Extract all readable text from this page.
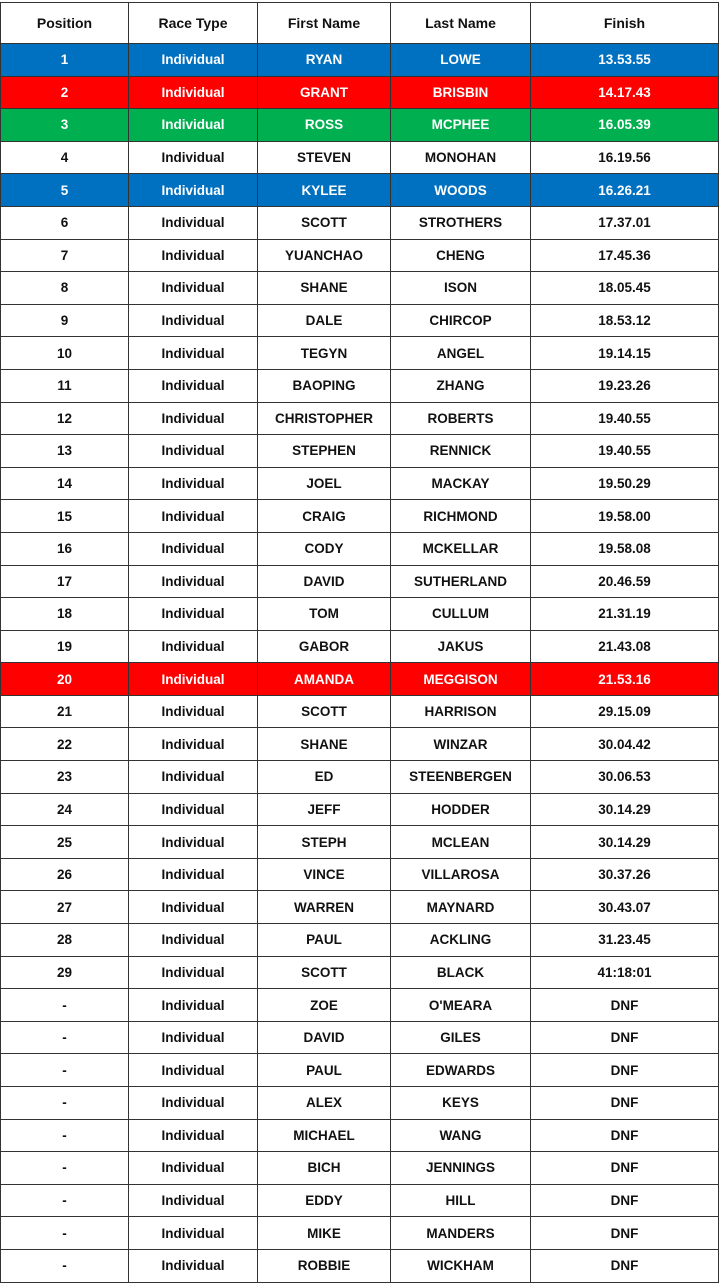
Position	Race Type	First Name	Last Name	Finish
1	Individual	RYAN	LOWE	13.53.55
2	Individual	GRANT	BRISBIN	14.17.43
3	Individual	ROSS	MCPHEE	16.05.39
4	Individual	STEVEN	MONOHAN	16.19.56
5	Individual	KYLEE	WOODS	16.26.21
6	Individual	SCOTT	STROTHERS	17.37.01
7	Individual	YUANCHAO	CHENG	17.45.36
8	Individual	SHANE	ISON	18.05.45
9	Individual	DALE	CHIRCOP	18.53.12
10	Individual	TEGYN	ANGEL	19.14.15
11	Individual	BAOPING	ZHANG	19.23.26
12	Individual	CHRISTOPHER	ROBERTS	19.40.55
13	Individual	STEPHEN	RENNICK	19.40.55
14	Individual	JOEL	MACKAY	19.50.29
15	Individual	CRAIG	RICHMOND	19.58.00
16	Individual	CODY	MCKELLAR	19.58.08
17	Individual	DAVID	SUTHERLAND	20.46.59
18	Individual	TOM	CULLUM	21.31.19
19	Individual	GABOR	JAKUS	21.43.08
20	Individual	AMANDA	MEGGISON	21.53.16
21	Individual	SCOTT	HARRISON	29.15.09
22	Individual	SHANE	WINZAR	30.04.42
23	Individual	ED	STEENBERGEN	30.06.53
24	Individual	JEFF	HODDER	30.14.29
25	Individual	STEPH	MCLEAN	30.14.29
26	Individual	VINCE	VILLAROSA	30.37.26
27	Individual	WARREN	MAYNARD	30.43.07
28	Individual	PAUL	ACKLING	31.23.45
29	Individual	SCOTT	BLACK	41:18:01
-	Individual	ZOE	O'MEARA	DNF
-	Individual	DAVID	GILES	DNF
-	Individual	PAUL	EDWARDS	DNF
-	Individual	ALEX	KEYS	DNF
-	Individual	MICHAEL	WANG	DNF
-	Individual	BICH	JENNINGS	DNF
-	Individual	EDDY	HILL	DNF
-	Individual	MIKE	MANDERS	DNF
-	Individual	ROBBIE	WICKHAM	DNF
